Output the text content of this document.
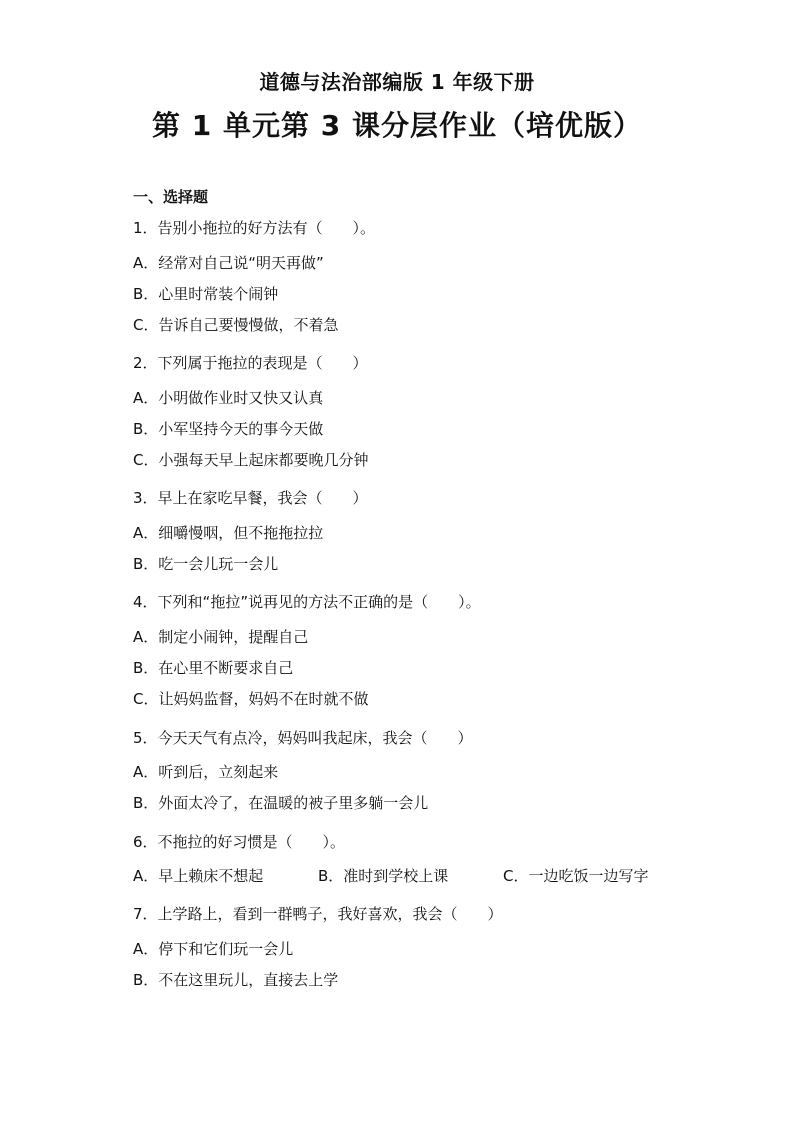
道德与法治部编版 1 年级下册
第 1 单元第 3 课分层作业（培优版）
一、选择题
1．告别小拖拉的好方法有（　　）。
A．经常对自己说“明天再做”
B．心里时常装个闹钟
C．告诉自己要慢慢做，不着急
2．下列属于拖拉的表现是（　　）
A．小明做作业时又快又认真
B．小军坚持今天的事今天做
C．小强每天早上起床都要晚几分钟
3．早上在家吃早餐，我会（　　）
A．细嚼慢咽，但不拖拖拉拉
B．吃一会儿玩一会儿
4．下列和“拖拉”说再见的方法不正确的是（　　）。
A．制定小闹钟，提醒自己
B．在心里不断要求自己
C．让妈妈监督，妈妈不在时就不做
5．今天天气有点冷，妈妈叫我起床，我会（　　）
A．听到后，立刻起来
B．外面太冷了，在温暖的被子里多躺一会儿
6．不拖拉的好习惯是（　　）。
A．早上赖床不想起	B．准时到学校上课	C．一边吃饭一边写字
7．上学路上，看到一群鸭子，我好喜欢，我会（　　）
A．停下和它们玩一会儿
B．不在这里玩儿，直接去上学
